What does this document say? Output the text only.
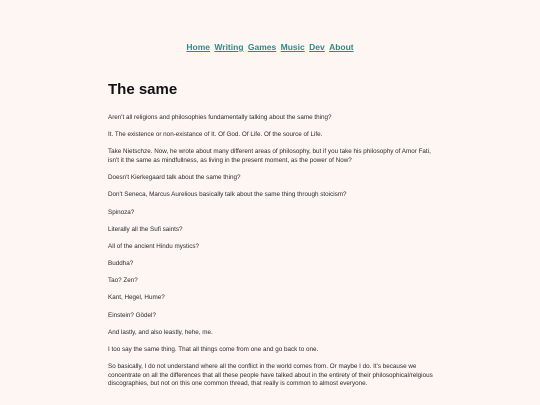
Home Writing Games Music Dev About
The same

Aren't all religions and philosophies fundamentally talking about the same thing?

It. The existence or non-existance of It. Of God. Of Life. Of the source of Life.

Take Nietschze. Now, he wrote about many different areas of philosophy, but if you take his philosophy of Amor Fati, isn't it the same as mindfullness, as living in the present moment, as the power of Now?

Doesn't Kierkegaard talk about the same thing?

Don't Seneca, Marcus Aurelious basically talk about the same thing through stoicism?

Spinoza?

Literally all the Sufi saints?

All of the ancient Hindu mystics?

Buddha?

Tao? Zen?

Kant, Hegel, Hume?

Einstein? Gödel?

And lastly, and also leastly, hehe, me.

I too say the same thing. That all things come from one and go back to one.

So basically, I do not understand where all the conflict in the world comes from. Or maybe I do. It's because we concentrate on all the differences that all these people have talked about in the entirety of their philosophical/relgious discographies, but not on this one common thread, that really is common to almost everyone.
